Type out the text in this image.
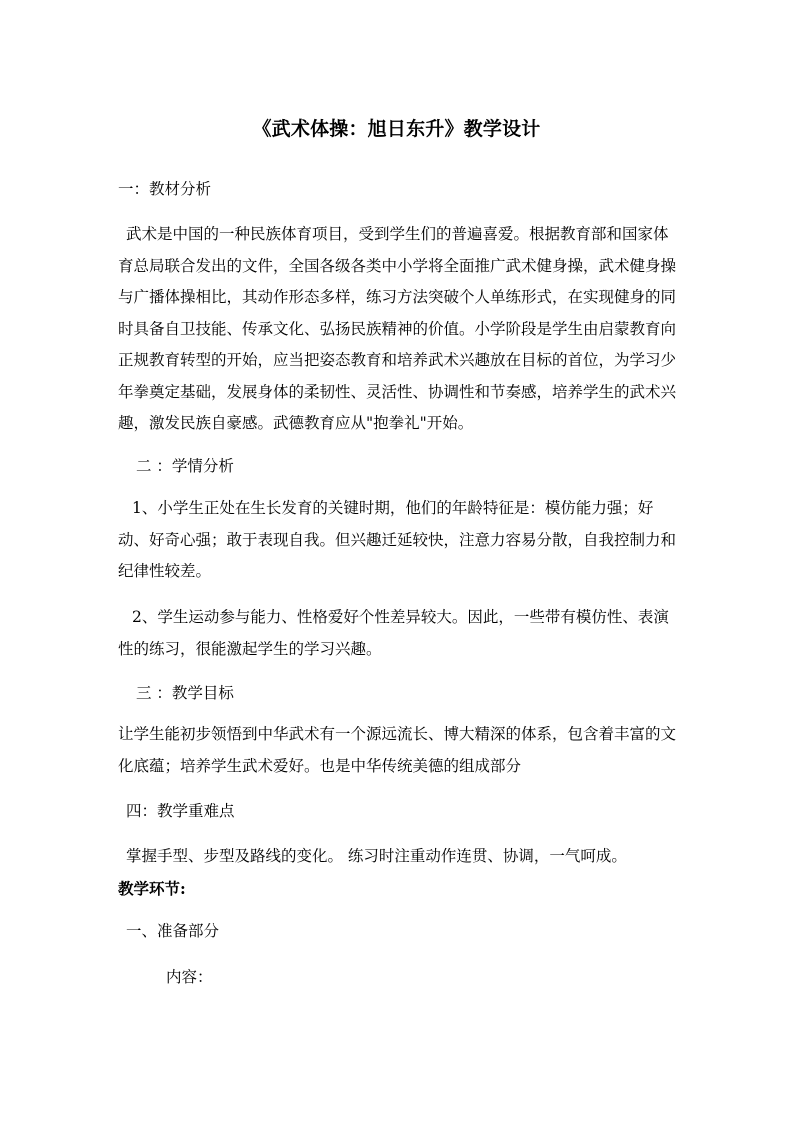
《武术体操：旭日东升》教学设计
一：教材分析

武术是中国的一种民族体育项目，受到学生们的普遍喜爱。根据教育部和国家体育总局联合发出的文件，全国各级各类中小学将全面推广武术健身操，武术健身操与广播体操相比，其动作形态多样，练习方法突破个人单练形式，在实现健身的同时具备自卫技能、传承文化、弘扬民族精神的价值。小学阶段是学生由启蒙教育向正规教育转型的开始，应当把姿态教育和培养武术兴趣放在目标的首位，为学习少年拳奠定基础，发展身体的柔韧性、灵活性、协调性和节奏感，培养学生的武术兴趣，激发民族自豪感。武德教育应从"抱拳礼"开始。

二 ：学情分析

1、小学生正处在生长发育的关键时期，他们的年龄特征是：模仿能力强；好动、好奇心强；敢于表现自我。但兴趣迁延较快，注意力容易分散，自我控制力和纪律性较差。

2、学生运动参与能力、性格爱好个性差异较大。因此，一些带有模仿性、表演性的练习，很能激起学生的学习兴趣。

三 ：教学目标

让学生能初步领悟到中华武术有一个源远流长、博大精深的体系，包含着丰富的文化底蕴；培养学生武术爱好。也是中华传统美德的组成部分

四：教学重难点

掌握手型、步型及路线的变化。 练习时注重动作连贯、协调，一气呵成。

教学环节:
一、准备部分
内容：
